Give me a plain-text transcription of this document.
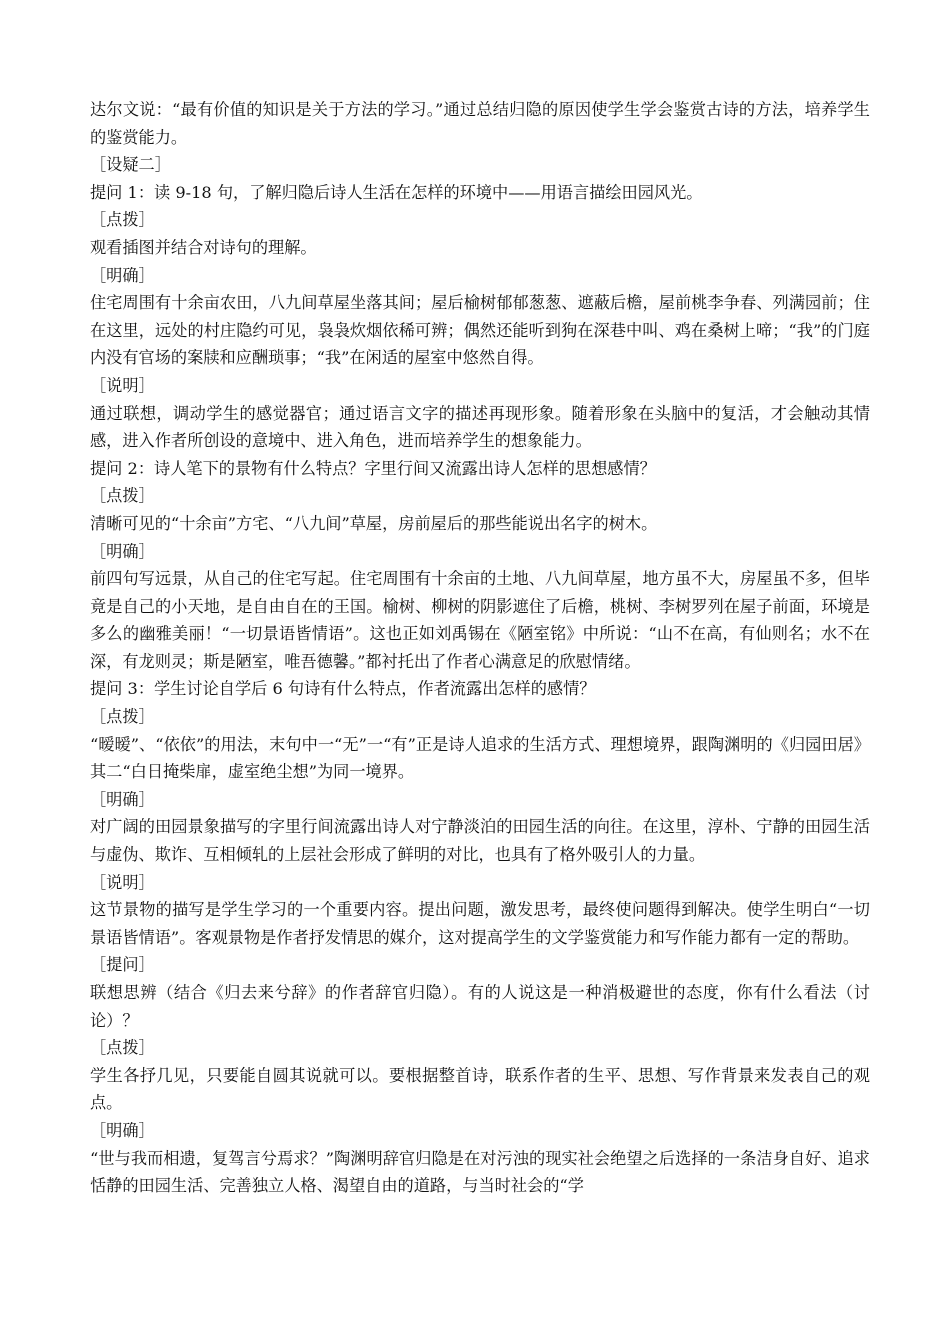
达尔文说：“最有价值的知识是关于方法的学习。”通过总结归隐的原因使学生学会鉴赏古诗的方法，培养学生的鉴赏能力。

［设疑二］

提问 1：读 9-18 句，了解归隐后诗人生活在怎样的环境中——用语言描绘田园风光。

［点拨］

观看插图并结合对诗句的理解。

［明确］

住宅周围有十余亩农田，八九间草屋坐落其间；屋后榆树郁郁葱葱、遮蔽后檐，屋前桃李争春、列满园前；住在这里，远处的村庄隐约可见，袅袅炊烟依稀可辨；偶然还能听到狗在深巷中叫、鸡在桑树上啼；“我”的门庭内没有官场的案牍和应酬琐事；“我”在闲适的屋室中悠然自得。

［说明］

通过联想，调动学生的感觉器官；通过语言文字的描述再现形象。随着形象在头脑中的复活，才会触动其情感，进入作者所创设的意境中、进入角色，进而培养学生的想象能力。

提问 2：诗人笔下的景物有什么特点？字里行间又流露出诗人怎样的思想感情？

［点拨］

清晰可见的“十余亩”方宅、“八九间”草屋，房前屋后的那些能说出名字的树木。

［明确］

前四句写远景，从自己的住宅写起。住宅周围有十余亩的土地、八九间草屋，地方虽不大，房屋虽不多，但毕竟是自己的小天地，是自由自在的王国。榆树、柳树的阴影遮住了后檐，桃树、李树罗列在屋子前面，环境是多么的幽雅美丽！“一切景语皆情语”。这也正如刘禹锡在《陋室铭》中所说：“山不在高，有仙则名；水不在深，有龙则灵；斯是陋室，唯吾德馨。”都衬托出了作者心满意足的欣慰情绪。

提问 3：学生讨论自学后 6 句诗有什么特点，作者流露出怎样的感情？

［点拨］

“暧暧”、“依依”的用法，末句中一“无”一“有”正是诗人追求的生活方式、理想境界，跟陶渊明的《归园田居》其二“白日掩柴扉，虚室绝尘想”为同一境界。

［明确］

对广阔的田园景象描写的字里行间流露出诗人对宁静淡泊的田园生活的向往。在这里，淳朴、宁静的田园生活与虚伪、欺诈、互相倾轧的上层社会形成了鲜明的对比，也具有了格外吸引人的力量。

［说明］

这节景物的描写是学生学习的一个重要内容。提出问题，激发思考，最终使问题得到解决。使学生明白“一切景语皆情语”。客观景物是作者抒发情思的媒介，这对提高学生的文学鉴赏能力和写作能力都有一定的帮助。

［提问］

联想思辨（结合《归去来兮辞》的作者辞官归隐）。有的人说这是一种消极避世的态度，你有什么看法（讨论）？

［点拨］

学生各抒几见，只要能自圆其说就可以。要根据整首诗，联系作者的生平、思想、写作背景来发表自己的观点。

［明确］

“世与我而相遗，复驾言兮焉求？”陶渊明辞官归隐是在对污浊的现实社会绝望之后选择的一条洁身自好、追求恬静的田园生活、完善独立人格、渴望自由的道路，与当时社会的“学
